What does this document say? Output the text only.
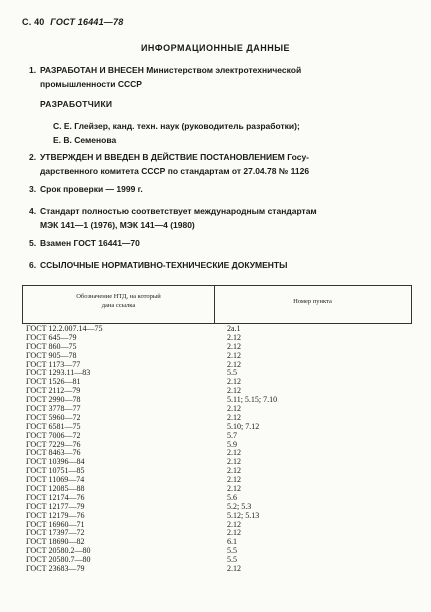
С. 40 ГОСТ 16441—78
ИНФОРМАЦИОННЫЕ ДАННЫЕ
1. РАЗРАБОТАН И ВНЕСЕН Министерством электротехнической
промышленности СССР
РАЗРАБОТЧИКИ
С. Е. Глейзер, канд. техн. наук (руководитель разработки);
Е. В. Семенова
2. УТВЕРЖДЕН И ВВЕДЕН В ДЕЙСТВИЕ ПОСТАНОВЛЕНИЕМ Госу-
дарственного комитета СССР по стандартам от 27.04.78 № 1126
3. Срок проверки — 1999 г.
4. Стандарт полностью соответствует международным стандартам
МЭК 141—1 (1976), МЭК 141—4 (1980)
5. Взамен ГОСТ 16441—70
6. ССЫЛОЧНЫЕ НОРМАТИВНО-ТЕХНИЧЕСКИЕ ДОКУМЕНТЫ
Обозначение НТД, на который
дана ссылка
Номер пункта
ГОСТ 12.2.007.14—75	2а.1
ГОСТ 645—79	2.12
ГОСТ 860—75	2.12
ГОСТ 905—78	2.12
ГОСТ 1173—77	2.12
ГОСТ 1293.11—83	5.5
ГОСТ 1526—81	2.12
ГОСТ 2112—79	2.12
ГОСТ 2990—78	5.11; 5.15; 7.10
ГОСТ 3778—77	2.12
ГОСТ 5960—72	2.12
ГОСТ 6581—75	5.10; 7.12
ГОСТ 7006—72	5.7
ГОСТ 7229—76	5.9
ГОСТ 8463—76	2.12
ГОСТ 10396—84	2.12
ГОСТ 10751—85	2.12
ГОСТ 11069—74	2.12
ГОСТ 12085—88	2.12
ГОСТ 12174—76	5.6
ГОСТ 12177—79	5.2; 5.3
ГОСТ 12179—76	5.12; 5.13
ГОСТ 16960—71	2.12
ГОСТ 17397—72	2.12
ГОСТ 18690—82	6.1
ГОСТ 20580.2—80	5.5
ГОСТ 20580.7—80	5.5
ГОСТ 23683—79	2.12
